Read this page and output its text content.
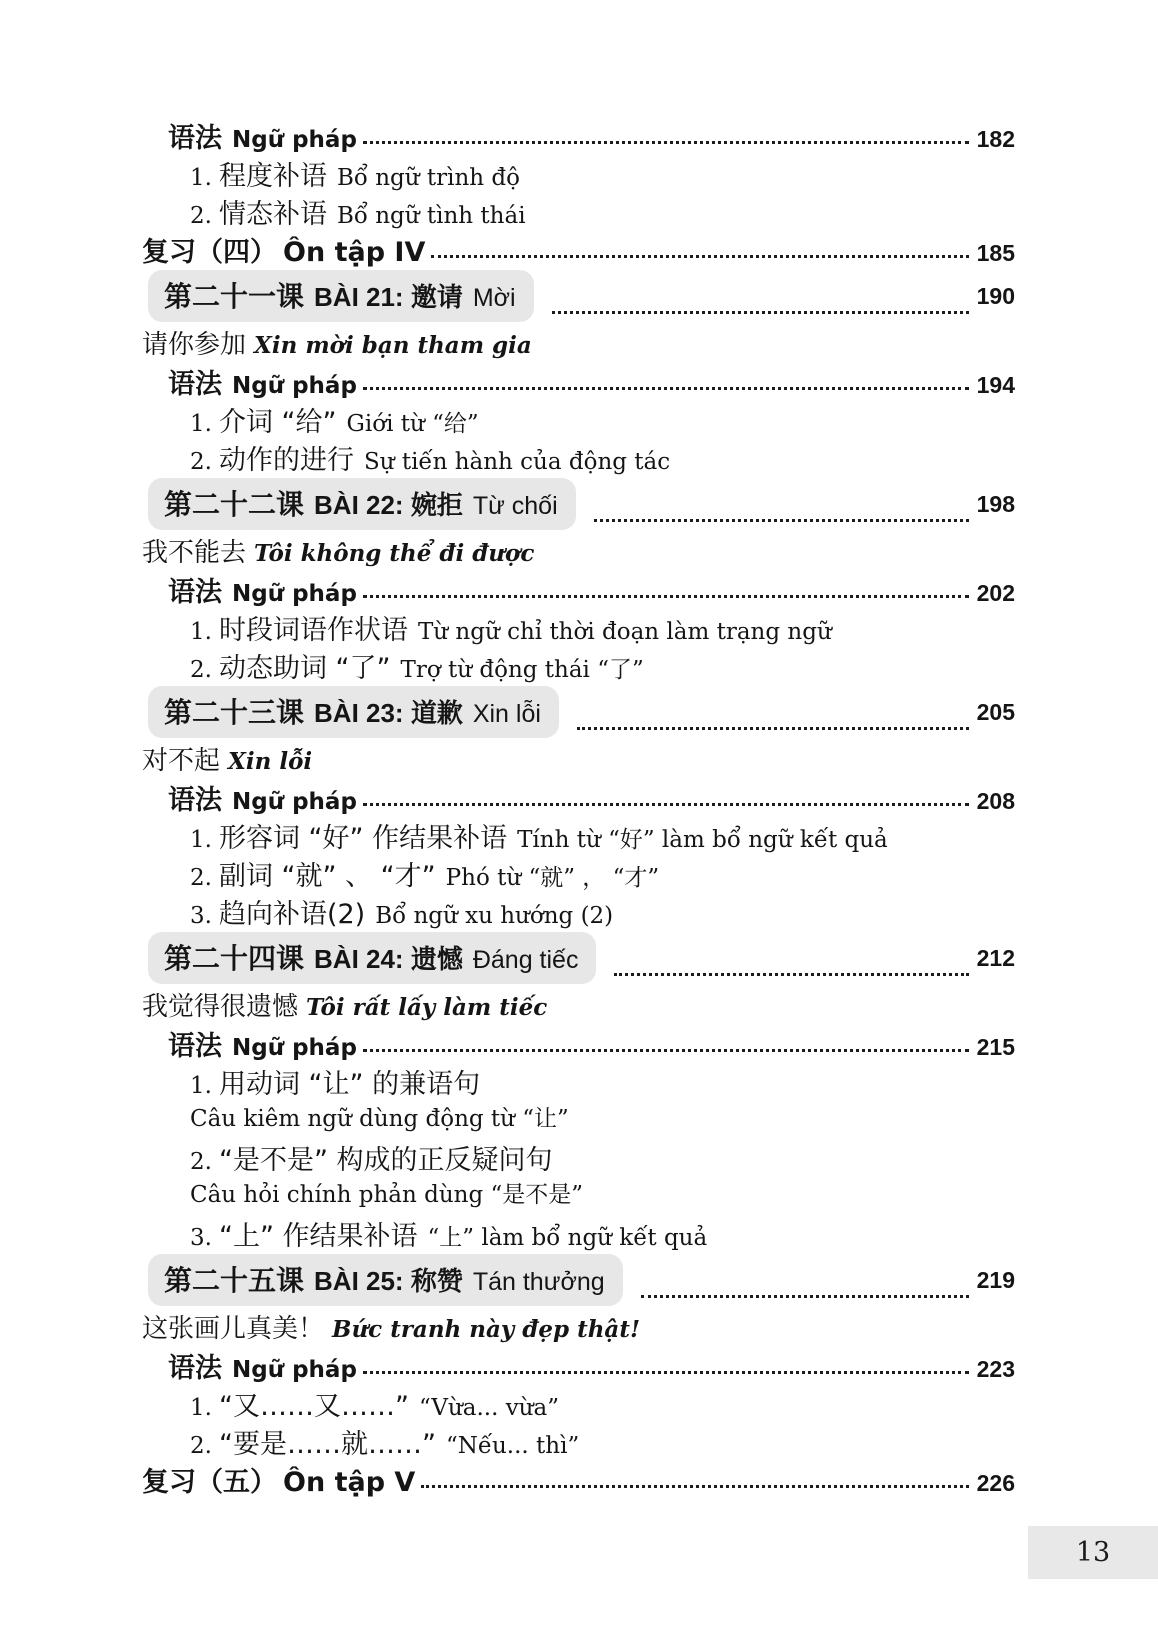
语法 Ngữ pháp	182
1. 程度补语 Bổ ngữ trình độ
2. 情态补语 Bổ ngữ tình thái
复习（四） Ôn tập IV	185
第二十一课 BÀI 21: 邀请 Mời	190
请你参加 Xin mời bạn tham gia
语法 Ngữ pháp	194
1. 介词 “给” Giới từ “给”
2. 动作的进行 Sự tiến hành của động tác
第二十二课 BÀI 22: 婉拒 Từ chối	198
我不能去 Tôi không thể đi được
语法 Ngữ pháp	202
1. 时段词语作状语 Từ ngữ chỉ thời đoạn làm trạng ngữ
2. 动态助词 “了” Trợ từ động thái “了”
第二十三课 BÀI 23: 道歉 Xin lỗi	205
对不起 Xin lỗi
语法 Ngữ pháp	208
1. 形容词 “好” 作结果补语 Tính từ “好” làm bổ ngữ kết quả
2. 副词 “就” 、 “才” Phó từ “就” ， “才”
3. 趋向补语(2) Bổ ngữ xu hướng (2)
第二十四课 BÀI 24: 遗憾 Đáng tiếc	212
我觉得很遗憾 Tôi rất lấy làm tiếc
语法 Ngữ pháp	215
1. 用动词 “让” 的兼语句
Câu kiêm ngữ dùng động từ “让”
2. “是不是” 构成的正反疑问句
Câu hỏi chính phản dùng “是不是”
3. “上” 作结果补语 “上” làm bổ ngữ kết quả
第二十五课 BÀI 25: 称赞 Tán thưởng	219
这张画儿真美！ Bức tranh này đẹp thật!
语法 Ngữ pháp	223
1. “又……又……” “Vừa... vừa”
2. “要是……就……” “Nếu... thì”
复习（五） Ôn tập V	226
13
